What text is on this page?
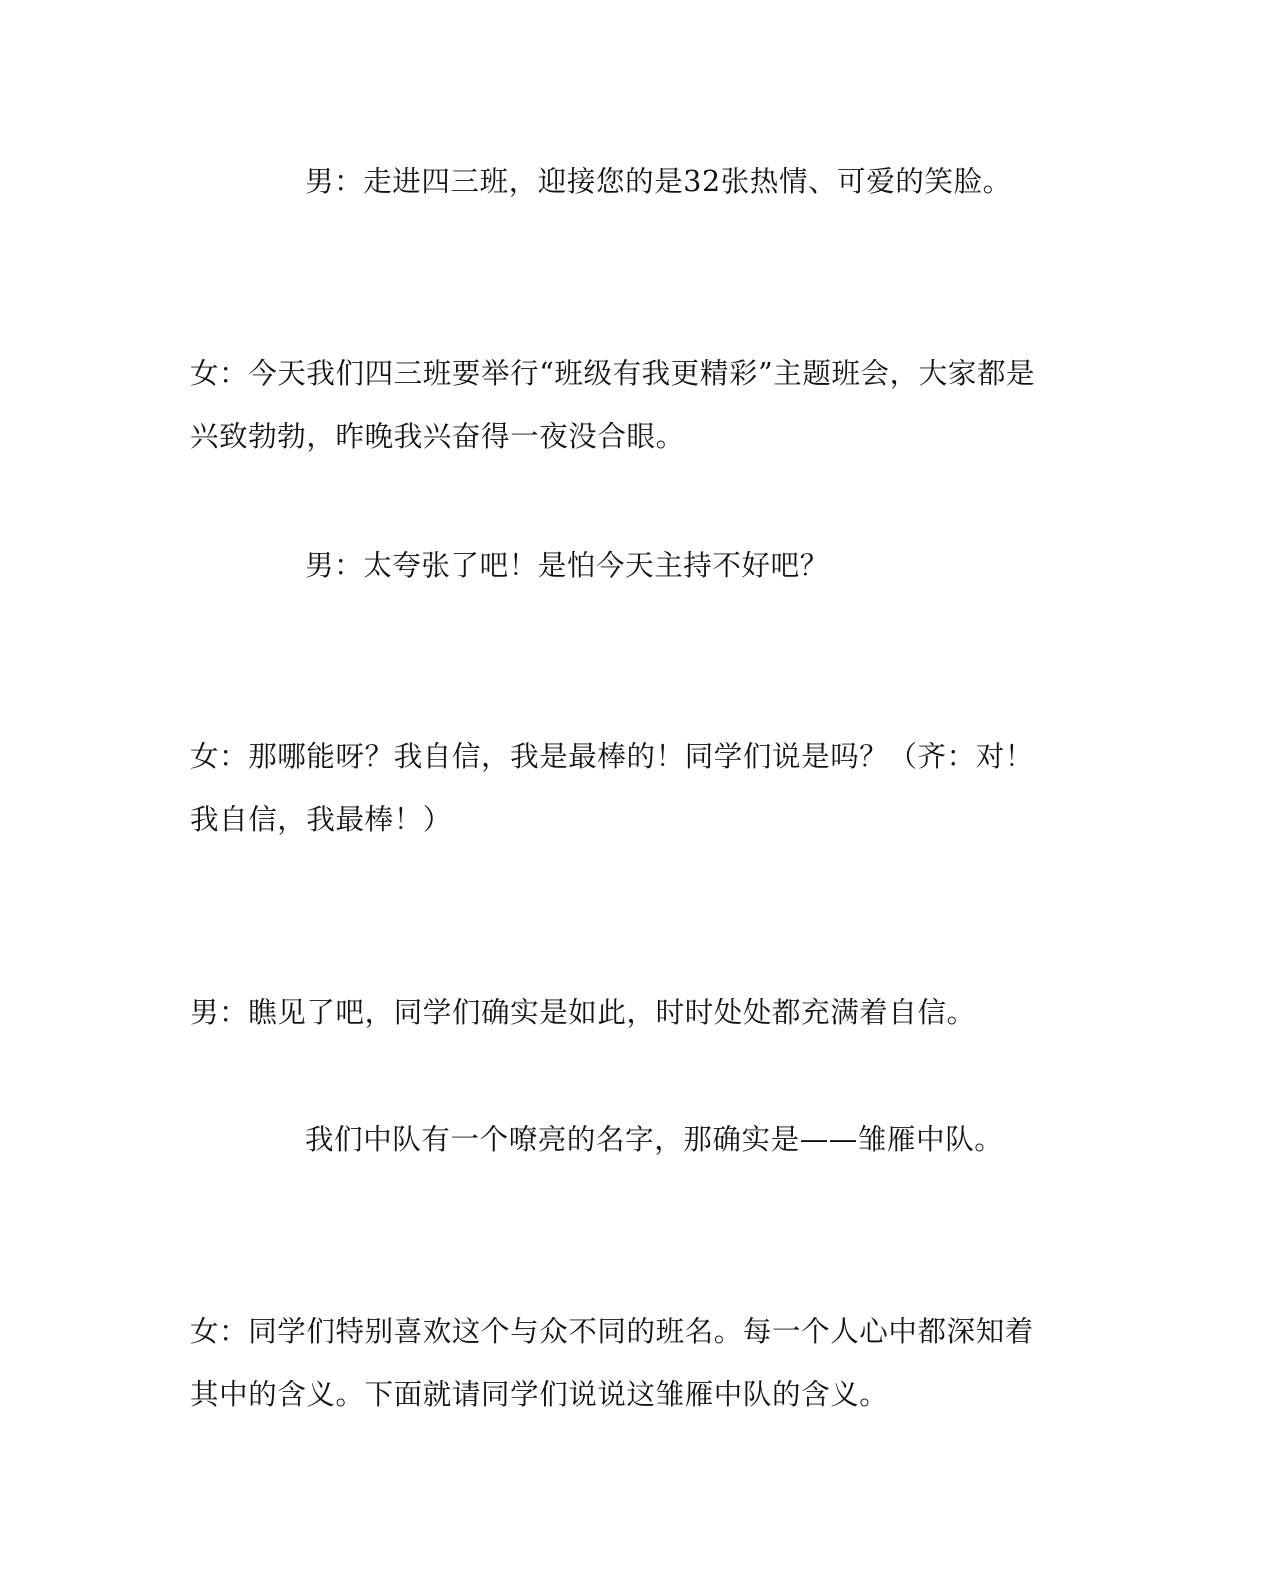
男：走进四三班，迎接您的是32张热情、可爱的笑脸。

女：今天我们四三班要举行“班级有我更精彩”主题班会，大家都是兴致勃勃，昨晚我兴奋得一夜没合眼。

男：太夸张了吧！是怕今天主持不好吧？

女：那哪能呀？我自信，我是最棒的！同学们说是吗？（齐：对！我自信，我最棒！）

男：瞧见了吧，同学们确实是如此，时时处处都充满着自信。

我们中队有一个嘹亮的名字，那确实是——雏雁中队。

女：同学们特别喜欢这个与众不同的班名。每一个人心中都深知着其中的含义。下面就请同学们说说这雏雁中队的含义。
